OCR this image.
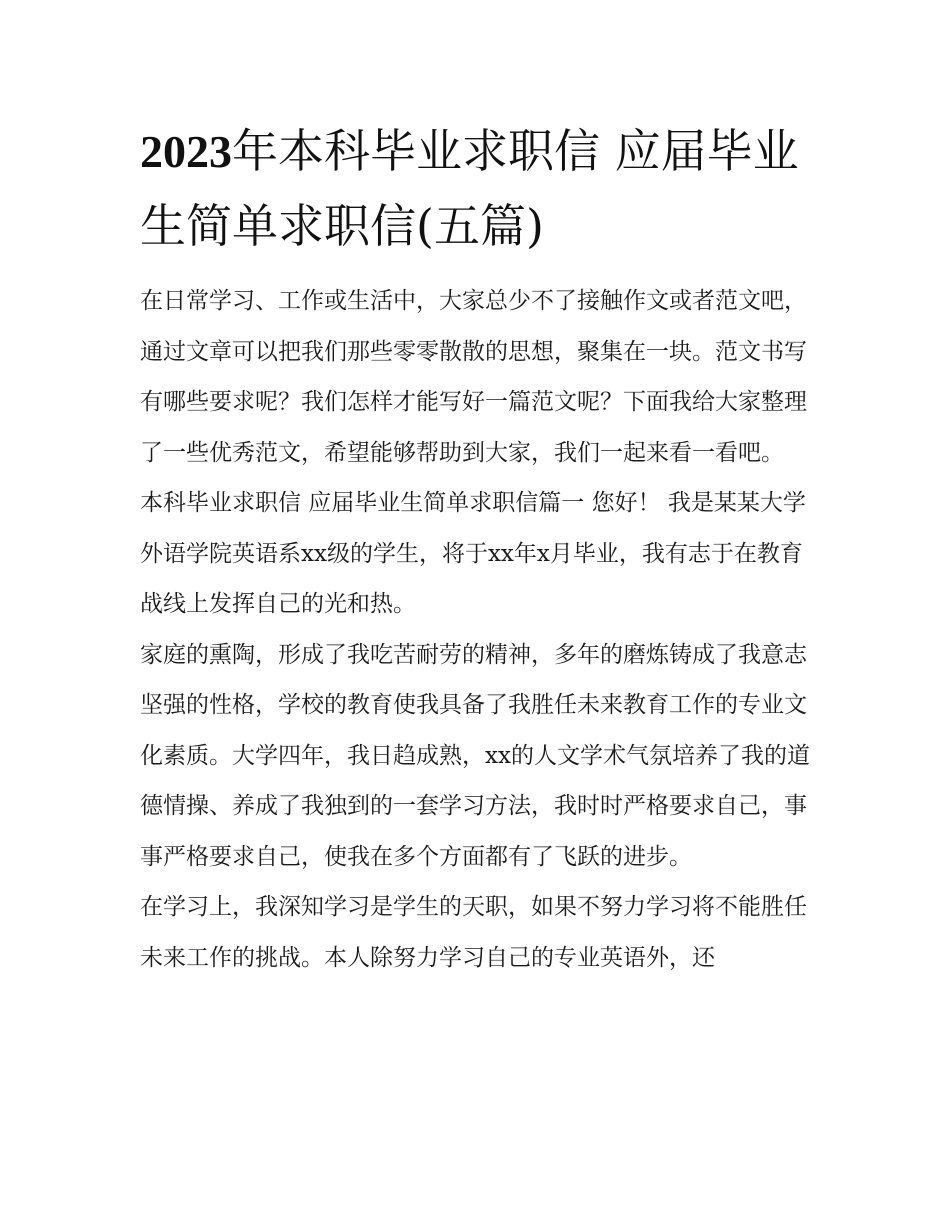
2023年本科毕业求职信 应届毕业生简单求职信(五篇)

在日常学习、工作或生活中，大家总少不了接触作文或者范文吧，通过文章可以把我们那些零零散散的思想，聚集在一块。范文书写有哪些要求呢？我们怎样才能写好一篇范文呢？下面我给大家整理了一些优秀范文，希望能够帮助到大家，我们一起来看一看吧。

本科毕业求职信 应届毕业生简单求职信篇一 您好！ 我是某某大学外语学院英语系xx级的学生，将于xx年x月毕业，我有志于在教育战线上发挥自己的光和热。

家庭的熏陶，形成了我吃苦耐劳的精神，多年的磨炼铸成了我意志坚强的性格，学校的教育使我具备了我胜任未来教育工作的专业文化素质。大学四年，我日趋成熟，xx的人文学术气氛培养了我的道德情操、养成了我独到的一套学习方法，我时时严格要求自己，事事严格要求自己，使我在多个方面都有了飞跃的进步。

在学习上，我深知学习是学生的天职，如果不努力学习将不能胜任未来工作的挑战。本人除努力学习自己的专业英语外，还
